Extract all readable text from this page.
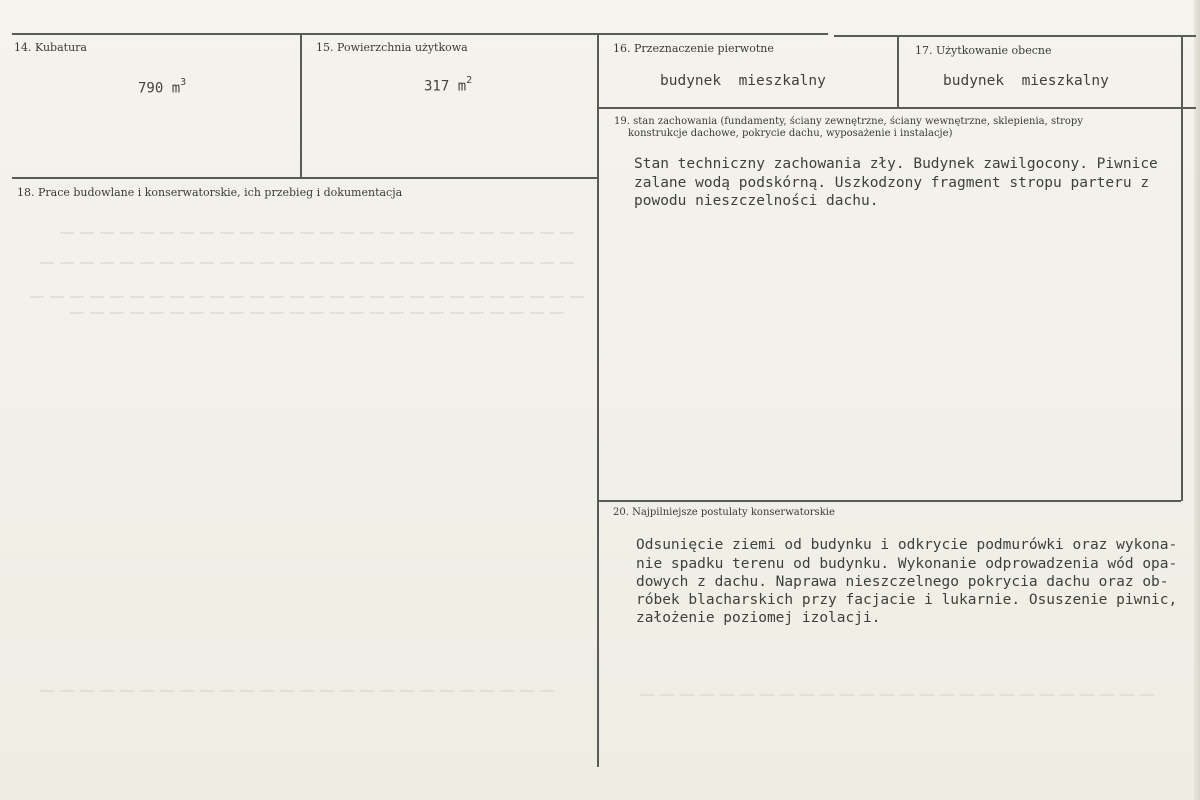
14. Kubatura
790 $m^3$
15. Powierzchnia użytkowa
317 $m^2$
16. Przeznaczenie pierwotne
budynek  mieszkalny
17. Użytkowanie obecne
budynek  mieszkalny
18. Prace budowlane i konserwatorskie, ich przebieg i dokumentacja
19. stan zachowania (fundamenty, ściany zewnętrzne, ściany wewnętrzne, sklepienia, stropy
konstrukcje dachowe, pokrycie dachu, wyposażenie i instalacje)
Stan techniczny zachowania zły. Budynek zawilgocony. Piwnice
zalane wodą podskórną. Uszkodzony fragment stropu parteru z
powodu nieszczelności dachu.
20. Najpilniejsze postulaty konserwatorskie
Odsunięcie ziemi od budynku i odkrycie podmurówki oraz wykona-
nie spadku terenu od budynku. Wykonanie odprowadzenia wód opa-
dowych z dachu. Naprawa nieszczelnego pokrycia dachu oraz ob-
róbek blacharskich przy facjacie i lukarnie. Osuszenie piwnic,
założenie poziomej izolacji.
